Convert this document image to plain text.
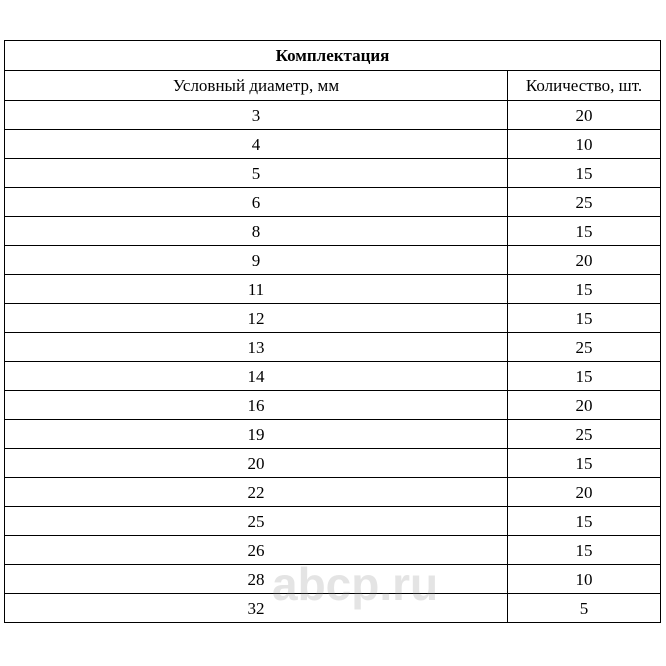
Комплектация	
Условный диаметр, мм	Количество, шт.
3	20
4	10
5	15
6	25
8	15
9	20
11	15
12	15
13	25
14	15
16	20
19	25
20	15
22	20
25	15
26	15
28	10
32	5
abcp.ru
